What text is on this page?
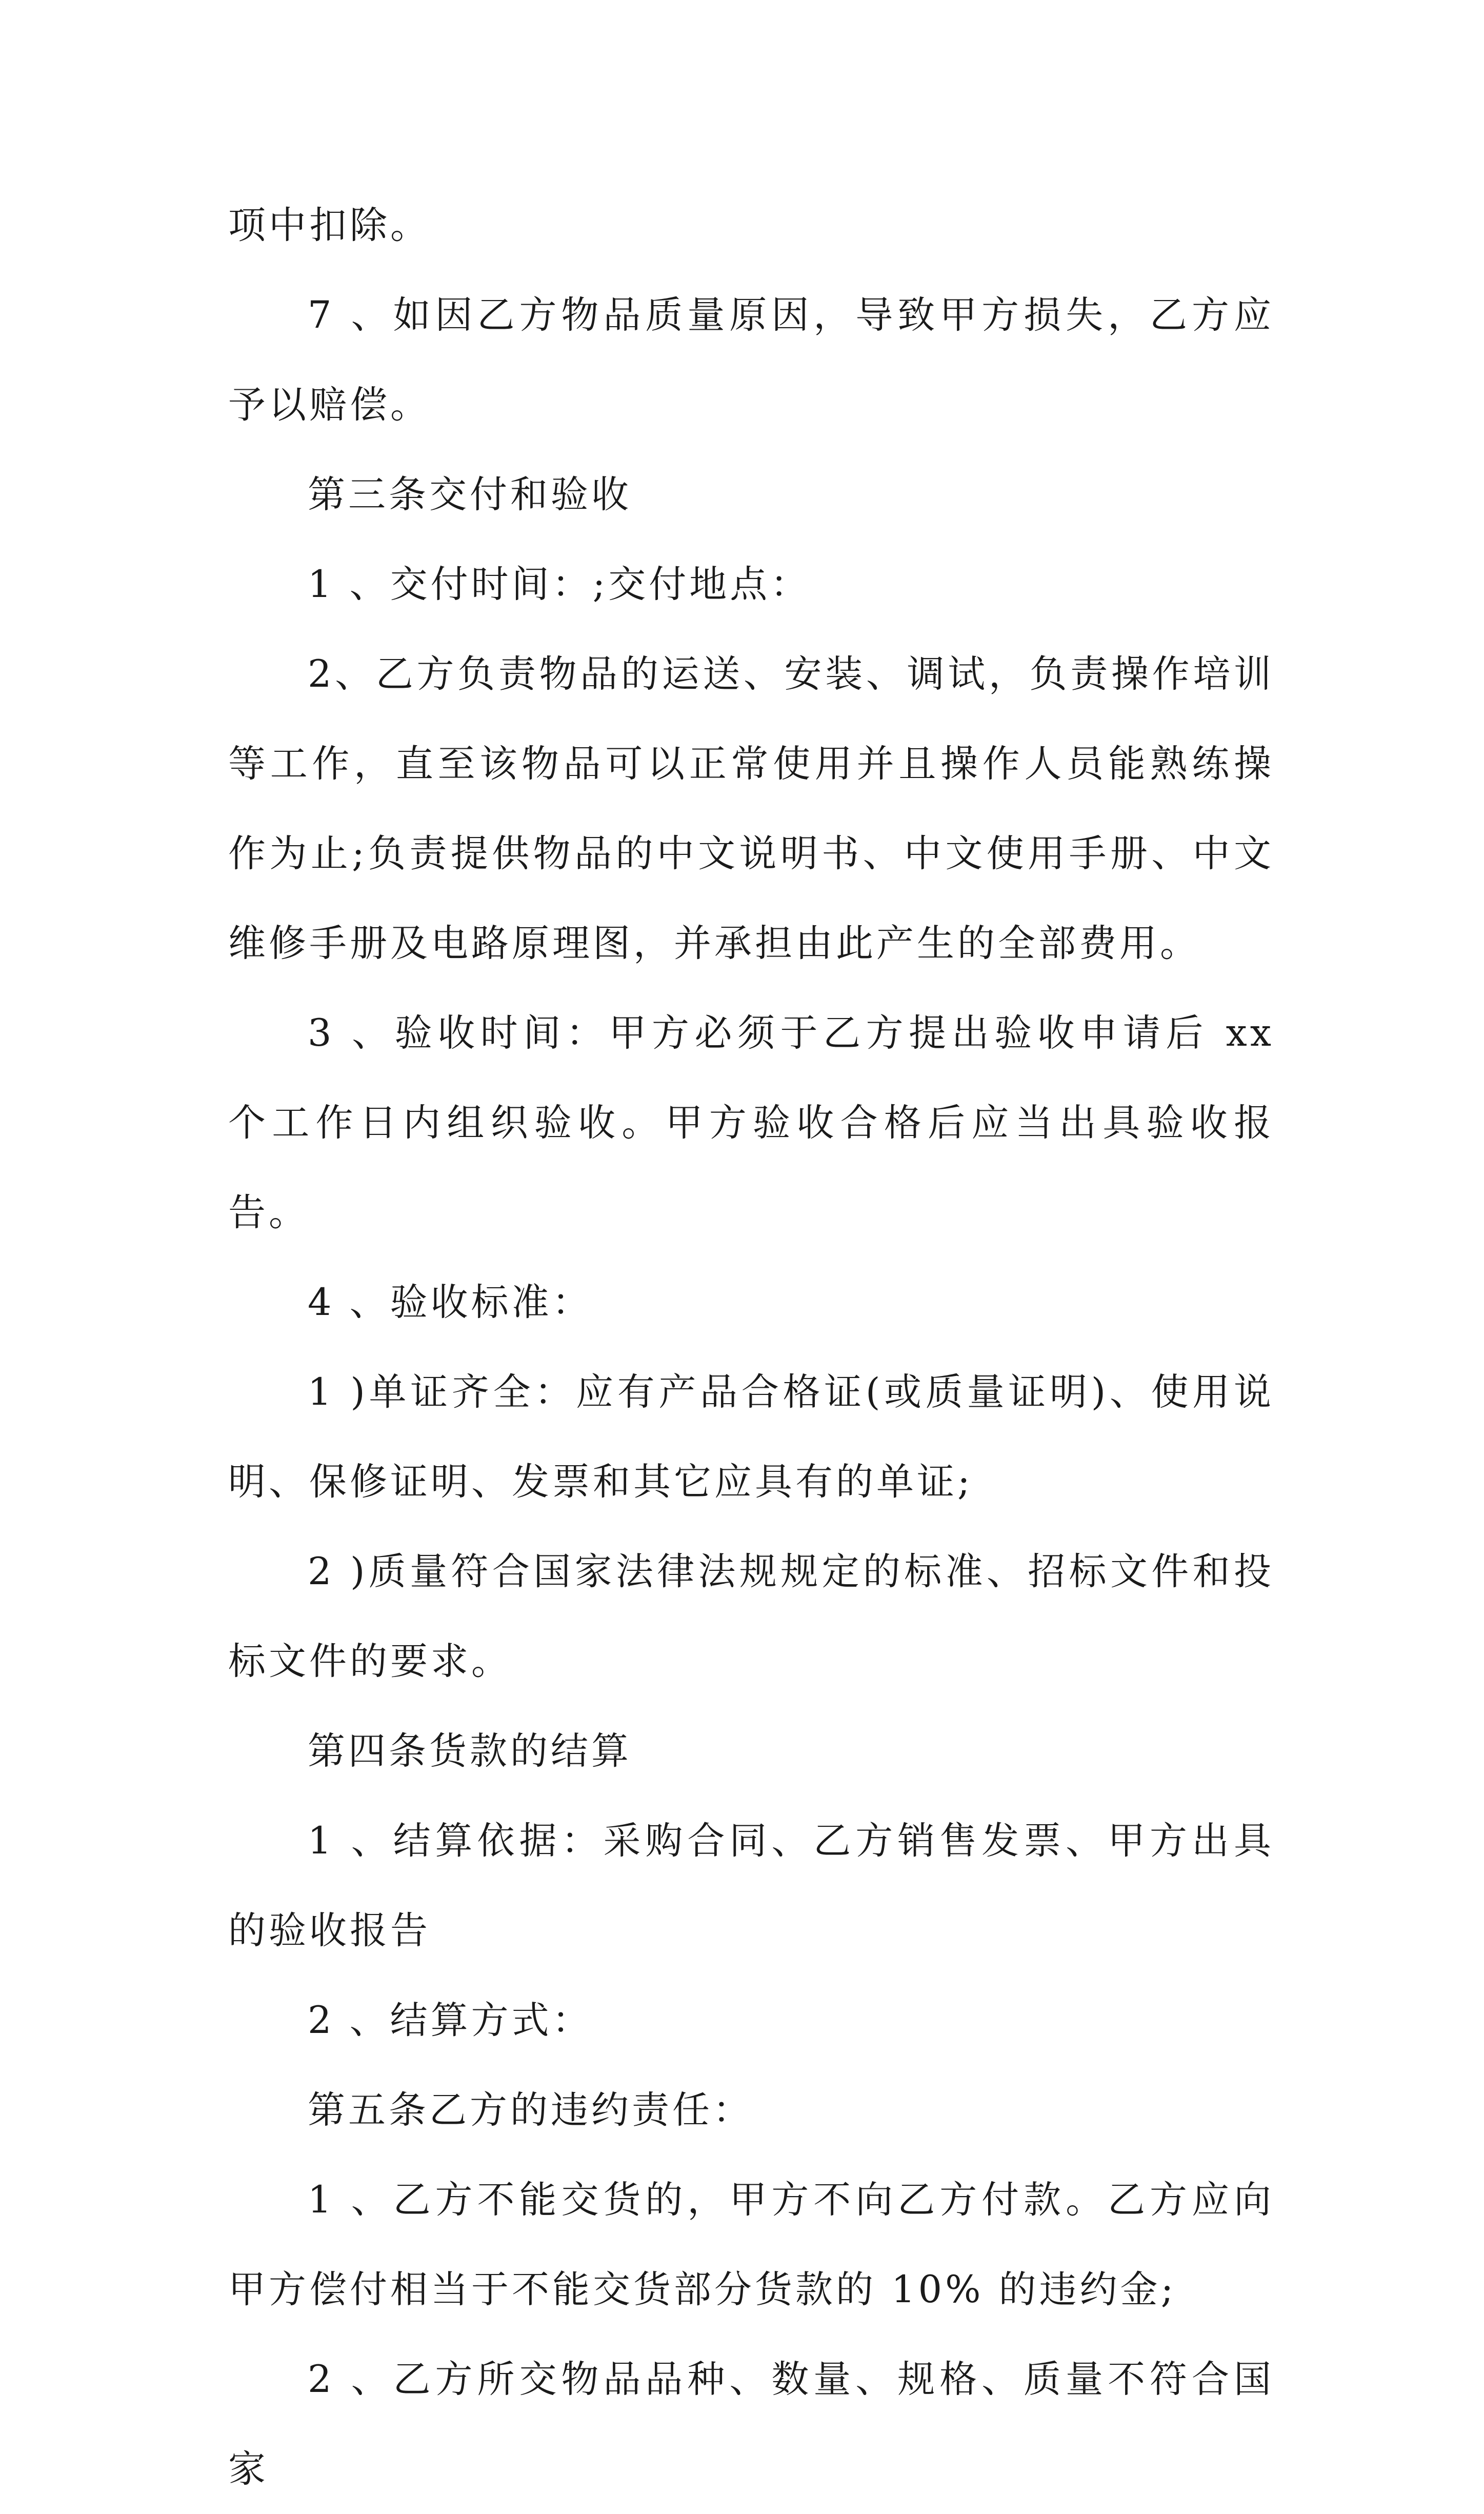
项中扣除。

7 、如因乙方物品质量原因，导致甲方损失，乙方应予以赔偿。

第三条交付和验收

1 、交付时间：;交付地点：

2、乙方负责物品的运送、安装、调试，负责操作培训等工作，直至该物品可以正常使用并且操作人员能熟练操作为止;负责提供物品的中文说明书、中文使用手册、中文维修手册及电路原理图，并承担由此产生的全部费用。

3 、验收时间：甲方必须于乙方提出验收申请后 xx 个工作日内组织验收。甲方验收合格后应当出具验收报告。

4 、验收标准：

1 )单证齐全：应有产品合格证(或质量证明)、使用说明、保修证明、发票和其它应具有的单证;

2 )质量符合国家法律法规规定的标准、招标文件和投标文件的要求。

第四条货款的结算

1 、结算依据：采购合同、乙方销售发票、甲方出具的验收报告

2 、结算方式：

第五条乙方的违约责任：

1 、乙方不能交货的，甲方不向乙方付款。乙方应向甲方偿付相当于不能交货部分货款的 10% 的违约金;

2 、乙方所交物品品种、数量、规格、质量不符合国家
